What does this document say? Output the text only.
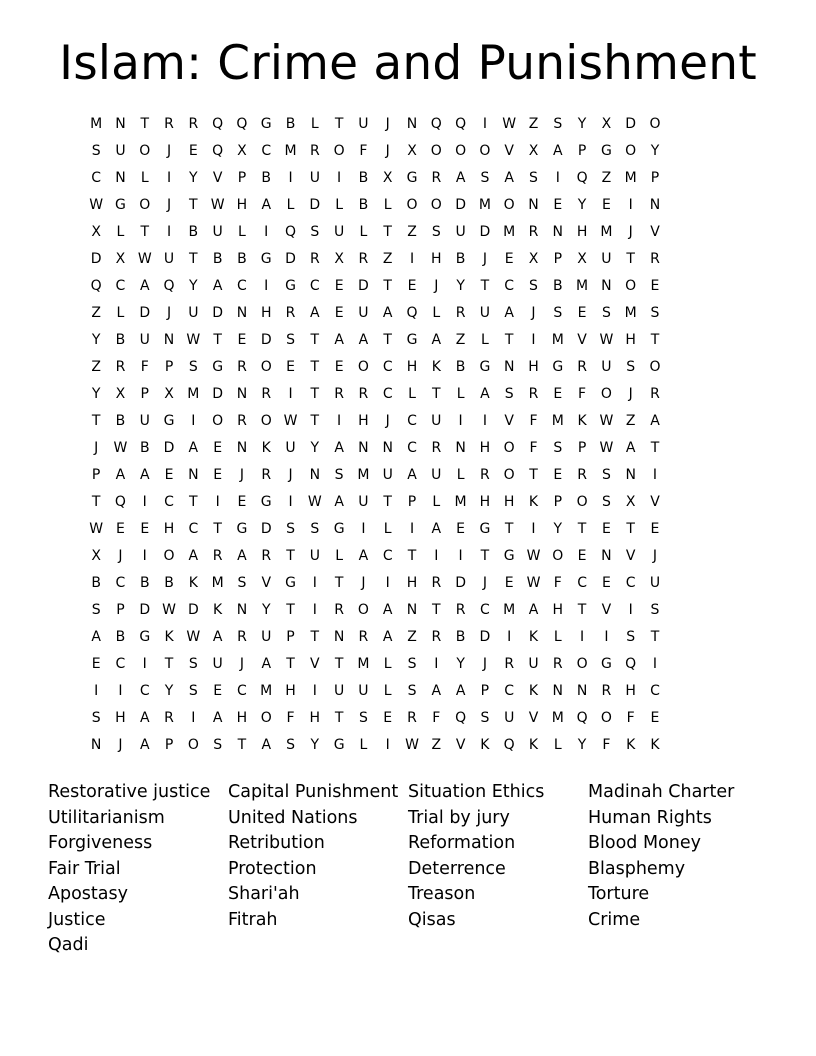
Islam: Crime and Punishment
M N	T	R	R Q Q G	B	L	T	U	J	N Q Q	I	W Z	S	Y	X	D O
S	U O	J	E	Q X	C M R O	F	J	X O O O	V	X	A	P	G O	Y
C	N	L	I	Y	V	P	B	I	U	I	B	X	G	R	A	S	A	S	I	Q Z M	P
W G O	J	T W H	A	L	D	L	B	L	O O D M O N	E	Y	E	I	N
X	L	T	I	B	U	L	I	Q	S	U	L	T	Z	S	U D M R	N H M	J	V
D	X W U	T	B	B	G D	R	X	R	Z	I	H	B	J	E	X	P	X	U	T	R
Q C	A Q	Y	A	C	I	G C	E	D	T	E	J	Y	T	C	S	B M N O	E
Z	L	D	J	U D N H	R	A	E	U	A Q	L	R	U	A	J	S	E	S M S
Y	B	U N W T	E	D	S	T	A	A	T	G	A	Z	L	T	I	M V W H	T
Z	R	F	P	S	G	R O	E	T	E	O C	H	K	B	G N H G	R	U	S	O
Y	X	P	X M D N	R	I	T	R	R	C	L	T	L	A	S	R	E	F	O	J	R
T	B	U G	I	O R O W T	I	H	J	C	U	I	I	V	F	M K W Z	A
J	W B	D	A	E	N	K	U	Y	A	N N	C	R	N H O	F	S	P W A	T
P	A	A	E	N	E	J	R	J	N	S M U	A	U	L	R O	T	E	R	S	N	I
T	Q	I	C	T	I	E	G	I	W A	U	T	P	L	M H H	K	P	O	S	X	V
W E	E	H	C	T	G D	S	S	G	I	L	I	A	E	G	T	I	Y	T	E	T	E
X	J	I	O	A	R	A	R	T	U	L	A	C	T	I	I	T	G W O	E	N	V	J
B	C	B	B	K M S	V	G	I	T	J	I	H	R	D	J	E W F	C	E	C	U
S	P	D W D	K	N	Y	T	I	R O	A	N	T	R	C M A	H	T	V	I	S
A	B	G	K W A	R	U	P	T	N	R	A	Z	R	B	D	I	K	L	I	I	S	T
E	C	I	T	S	U	J	A	T	V	T M	L	S	I	Y	J	R	U	R O G Q	I
I	I	C	Y	S	E	C M H	I	U	U	L	S	A	A	P	C	K	N N	R	H	C
S	H	A	R	I	A	H O	F	H	T	S	E	R	F	Q	S	U	V M Q O	F	E
N	J	A	P	O	S	T	A	S	Y	G	L	I	W Z	V	K	Q	K	L	Y	F	K	K
Restorative justice
Utilitarianism
Forgiveness
Fair Trial
Apostasy
Justice
Qadi
Capital Punishment
United Nations
Retribution
Protection
Shari'ah
Fitrah
Situation Ethics
Trial by jury
Reformation
Deterrence
Treason
Qisas
Madinah Charter
Human Rights
Blood Money
Blasphemy
Torture
Crime
